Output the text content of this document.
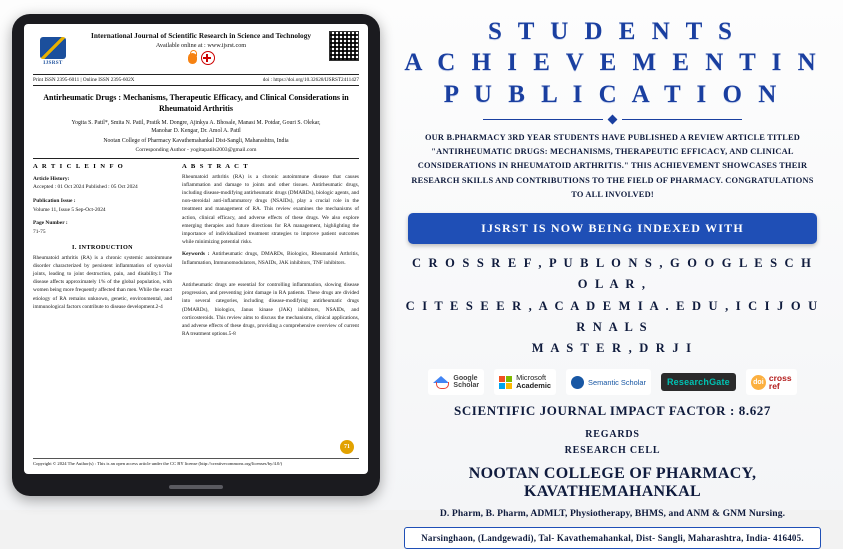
IJSRST
International Journal of Scientific Research in Science and Technology
Available online at : www.ijsrst.com
Print ISSN 2395-6011 | Online ISSN 2395-602X	doi : https://doi.org/10.32628/IJSRST2411427
Antirheumatic Drugs : Mechanisms, Therapeutic Efficacy, and Clinical Considerations in Rheumatoid Arthritis
Yogita S. Patil*, Smita N. Patil, Pratik M. Dongre, Ajinkya A. Bhosale, Manasi M. Potdar, Gouri S. Olekar,
Manohar D. Kengar, Dr. Amol A. Patil
Nootan College of Pharmacy Kavathemahankal Dist-Sangli, Maharashtra, India
Corresponding Author - yogitapatils2003@gmail.com
A R T I C L E I N F O
Article History:
Accepted : 01 Oct 2024 Published : 05 Oct 2024
Publication Issue :
Volume 11, Issue 5 Sep-Oct-2024
Page Number :
71-75
I. INTRODUCTION
Rheumatoid arthritis (RA) is a chronic systemic autoimmune disorder characterized by persistent inflammation of synovial joints, leading to joint destruction, pain, and disability.1 The disease affects approximately 1% of the global population, with women being more frequently affected than men. While the exact etiology of RA remains unknown, genetic, environmental, and immunological factors contribute to disease development.2-4
A B S T R A C T
Rheumatoid arthritis (RA) is a chronic autoimmune disease that causes inflammation and damage to joints and other tissues. Antirheumatic drugs, including disease-modifying antirheumatic drugs (DMARDs), biologic agents, and non-steroidal anti-inflammatory drugs (NSAIDs), play a crucial role in the treatment and management of RA. This review examines the mechanisms of action, clinical efficacy, and adverse effects of these drugs. We also explore emerging therapies and future directions for RA management, highlighting the importance of individualized treatment strategies to improve patient outcomes while minimizing potential risks.
Keywords : Antirheumatic drugs, DMARDs, Biologics, Rheumatoid Arthritis, Inflammation, Immunomodulators, NSAIDs, JAK inhibitors, TNF inhibitors.
Antirheumatic drugs are essential for controlling inflammation, slowing disease progression, and preventing joint damage in RA patients. These drugs are divided into several categories, including disease-modifying antirheumatic drugs (DMARDs), biologics, Janus kinase (JAK) inhibitors, NSAIDs, and corticosteroids. This review aims to discuss the mechanisms, clinical applications, and adverse effects of these drugs, providing a comprehensive overview of current RA treatment options.5-8
71
Copyright © 2024 The Author(s) : This is an open access article under the CC BY license (http://creativecommons.org/licenses/by/4.0/)
S T U D E N T S
A C H I E V E M E N T I N
P U B L I C A T I O N
OUR B.PHARMACY 3RD YEAR STUDENTS HAVE PUBLISHED A REVIEW ARTICLE TITLED "ANTIRHEUMATIC DRUGS: MECHANISMS, THERAPEUTIC EFFICACY, AND CLINICAL CONSIDERATIONS IN RHEUMATOID ARTHRITIS." THIS ACHIEVEMENT SHOWCASES THEIR RESEARCH SKILLS AND CONTRIBUTIONS TO THE FIELD OF PHARMACY. CONGRATULATIONS TO ALL INVOLVED!
IJSRST IS NOW BEING INDEXED WITH
C R O S S R E F , P U B L O N S , G O O G L E S C H O L A R ,
C I T E S E E R , A C A D E M I A . E D U , I C I J O U R N A L S
M A S T E R , D R J I
Google
Scholar
Microsoft
Academic	Semantic Scholar	ResearchGate	doi cross
ref
SCIENTIFIC JOURNAL IMPACT FACTOR : 8.627
REGARDS
RESEARCH CELL
NOOTAN COLLEGE OF PHARMACY, KAVATHEMAHANKAL
D. Pharm, B. Pharm, ADMLT, Physiotherapy, BHMS, and ANM & GNM Nursing.
Narsinghaon, (Landgewadi), Tal- Kavathemahankal, Dist- Sangli, Maharashtra, India- 416405.
